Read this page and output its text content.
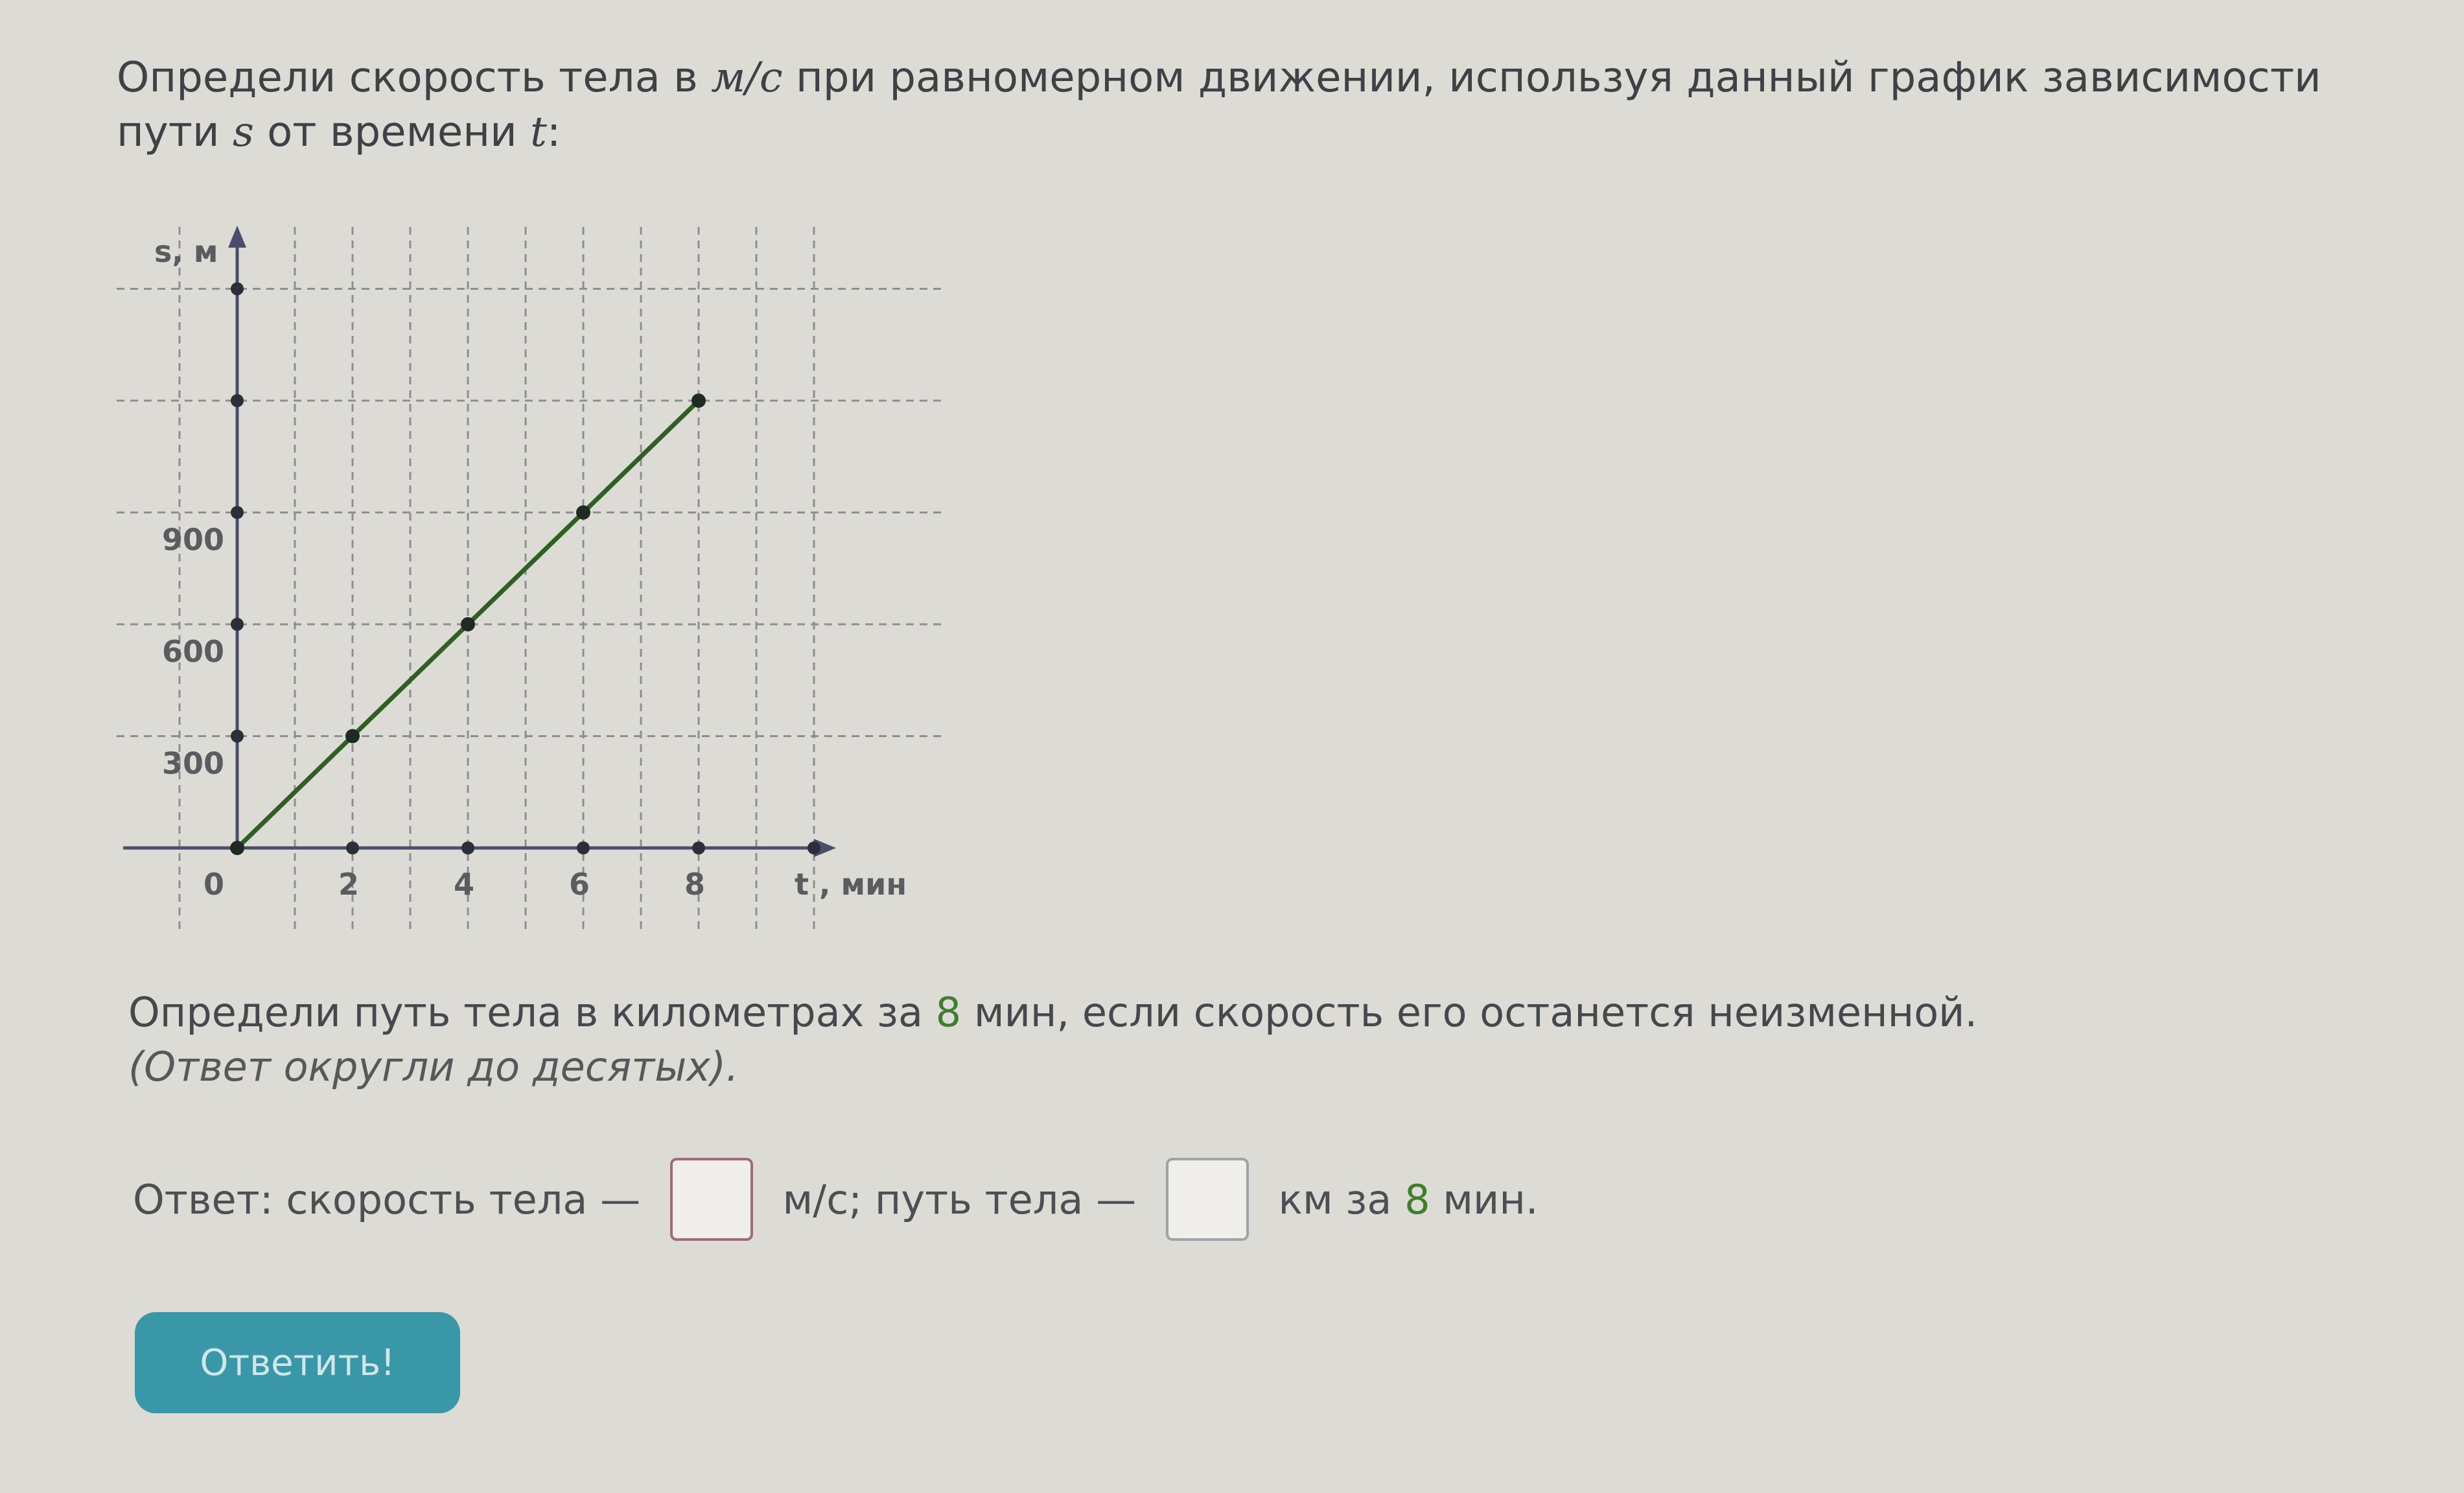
Определи скорость тела в м/с при равномерном движении, используя данный график зависимости пути s от времени t:
0	2	4	6	8
300
600
900
t , мин
s, м
Определи путь тела в километрах за 8 мин, если скорость его останется неизменной.
(Ответ округли до десятых).
Ответ: скорость тела —	м/с; путь тела —	км за 8 мин.
Ответить!
